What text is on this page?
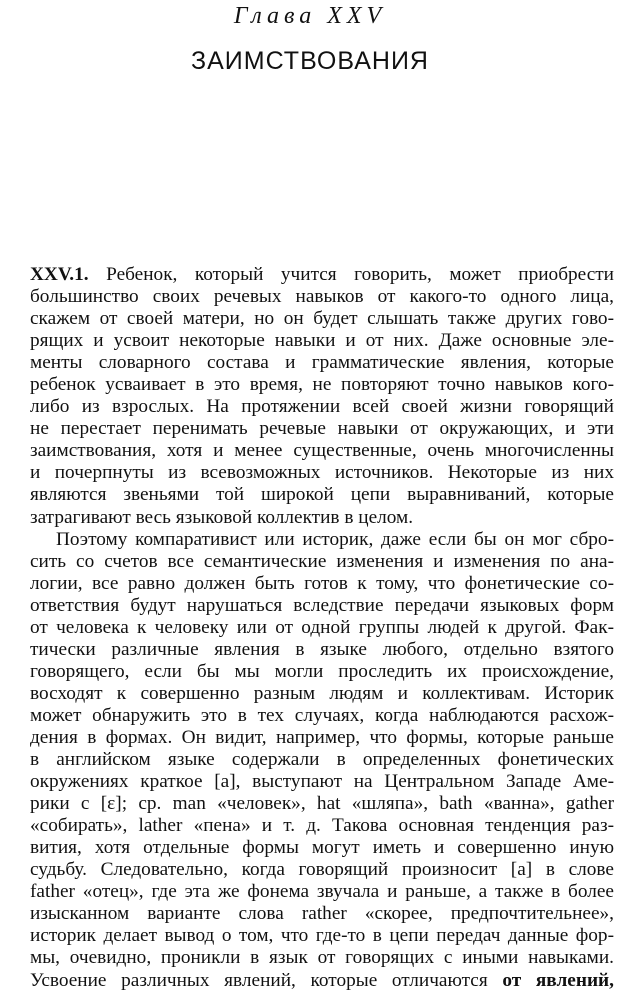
Глава XXV
ЗАИМСТВОВАНИЯ
XXV.1. Ребенок, который учится говорить, может приобрести
большинство своих речевых навыков от какого-то одного лица,
скажем от своей матери, но он будет слышать также других гово-
рящих и усвоит некоторые навыки и от них. Даже основные эле-
менты словарного состава и грамматические явления, которые
ребенок усваивает в это время, не повторяют точно навыков кого-
либо из взрослых. На протяжении всей своей жизни говорящий
не перестает перенимать речевые навыки от окружающих, и эти
заимствования, хотя и менее существенные, очень многочисленны
и почерпнуты из всевозможных источников. Некоторые из них
являются звеньями той широкой цепи выравниваний, которые
затрагивают весь языковой коллектив в целом.
Поэтому компаративист или историк, даже если бы он мог сбро-
сить со счетов все семантические изменения и изменения по ана-
логии, все равно должен быть готов к тому, что фонетические со-
ответствия будут нарушаться вследствие передачи языковых форм
от человека к человеку или от одной группы людей к другой. Фак-
тически различные явления в языке любого, отдельно взятого
говорящего, если бы мы могли проследить их происхождение,
восходят к совершенно разным людям и коллективам. Историк
может обнаружить это в тех случаях, когда наблюдаются расхож-
дения в формах. Он видит, например, что формы, которые раньше
в английском языке содержали в определенных фонетических
окружениях краткое [a], выступают на Центральном Западе Аме-
рики с [ɛ]; ср. man «человек», hat «шляпа», bath «ванна», gather
«собирать», lather «пена» и т. д. Такова основная тенденция раз-
вития, хотя отдельные формы могут иметь и совершенно иную
судьбу. Следовательно, когда говорящий произносит [a] в слове
father «отец», где эта же фонема звучала и раньше, а также в более
изысканном варианте слова rather «скорее, предпочтительнее»,
историк делает вывод о том, что где-то в цепи передач данные фор-
мы, очевидно, проникли в язык от говорящих с иными навыками.
Усвоение различных явлений, которые отличаются от явлений,
